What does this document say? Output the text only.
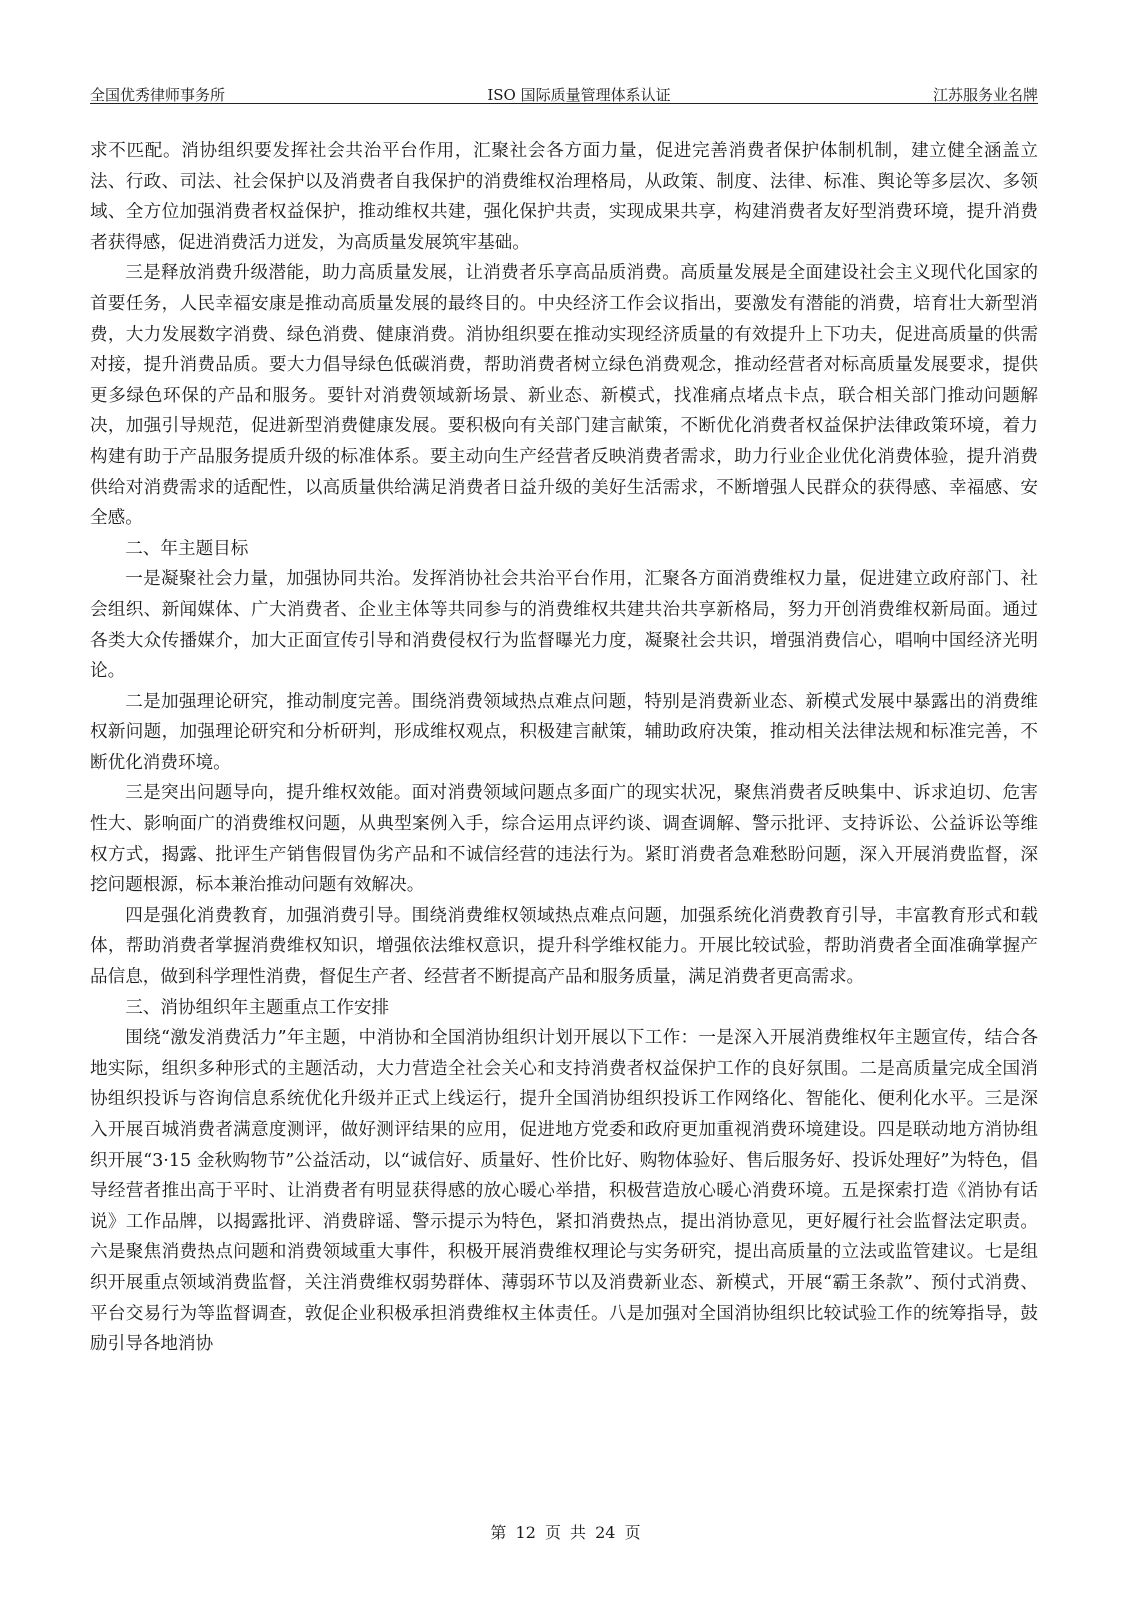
全国优秀律师事务所	ISO 国际质量管理体系认证	江苏服务业名牌

求不匹配。消协组织要发挥社会共治平台作用，汇聚社会各方面力量，促进完善消费者保护体制机制，建立健全涵盖立法、行政、司法、社会保护以及消费者自我保护的消费维权治理格局，从政策、制度、法律、标准、舆论等多层次、多领域、全方位加强消费者权益保护，推动维权共建，强化保护共责，实现成果共享，构建消费者友好型消费环境，提升消费者获得感，促进消费活力迸发，为高质量发展筑牢基础。

三是释放消费升级潜能，助力高质量发展，让消费者乐享高品质消费。高质量发展是全面建设社会主义现代化国家的首要任务，人民幸福安康是推动高质量发展的最终目的。中央经济工作会议指出，要激发有潜能的消费，培育壮大新型消费，大力发展数字消费、绿色消费、健康消费。消协组织要在推动实现经济质量的有效提升上下功夫，促进高质量的供需对接，提升消费品质。要大力倡导绿色低碳消费，帮助消费者树立绿色消费观念，推动经营者对标高质量发展要求，提供更多绿色环保的产品和服务。要针对消费领域新场景、新业态、新模式，找准痛点堵点卡点，联合相关部门推动问题解决，加强引导规范，促进新型消费健康发展。要积极向有关部门建言献策，不断优化消费者权益保护法律政策环境，着力构建有助于产品服务提质升级的标准体系。要主动向生产经营者反映消费者需求，助力行业企业优化消费体验，提升消费供给对消费需求的适配性，以高质量供给满足消费者日益升级的美好生活需求，不断增强人民群众的获得感、幸福感、安全感。

二、年主题目标

一是凝聚社会力量，加强协同共治。发挥消协社会共治平台作用，汇聚各方面消费维权力量，促进建立政府部门、社会组织、新闻媒体、广大消费者、企业主体等共同参与的消费维权共建共治共享新格局，努力开创消费维权新局面。通过各类大众传播媒介，加大正面宣传引导和消费侵权行为监督曝光力度，凝聚社会共识，增强消费信心，唱响中国经济光明论。

二是加强理论研究，推动制度完善。围绕消费领域热点难点问题，特别是消费新业态、新模式发展中暴露出的消费维权新问题，加强理论研究和分析研判，形成维权观点，积极建言献策，辅助政府决策，推动相关法律法规和标准完善，不断优化消费环境。

三是突出问题导向，提升维权效能。面对消费领域问题点多面广的现实状况，聚焦消费者反映集中、诉求迫切、危害性大、影响面广的消费维权问题，从典型案例入手，综合运用点评约谈、调查调解、警示批评、支持诉讼、公益诉讼等维权方式，揭露、批评生产销售假冒伪劣产品和不诚信经营的违法行为。紧盯消费者急难愁盼问题，深入开展消费监督，深挖问题根源，标本兼治推动问题有效解决。

四是强化消费教育，加强消费引导。围绕消费维权领域热点难点问题，加强系统化消费教育引导，丰富教育形式和载体，帮助消费者掌握消费维权知识，增强依法维权意识，提升科学维权能力。开展比较试验，帮助消费者全面准确掌握产品信息，做到科学理性消费，督促生产者、经营者不断提高产品和服务质量，满足消费者更高需求。

三、消协组织年主题重点工作安排

围绕“激发消费活力”年主题，中消协和全国消协组织计划开展以下工作：一是深入开展消费维权年主题宣传，结合各地实际，组织多种形式的主题活动，大力营造全社会关心和支持消费者权益保护工作的良好氛围。二是高质量完成全国消协组织投诉与咨询信息系统优化升级并正式上线运行，提升全国消协组织投诉工作网络化、智能化、便利化水平。三是深入开展百城消费者满意度测评，做好测评结果的应用，促进地方党委和政府更加重视消费环境建设。四是联动地方消协组织开展“3·15 金秋购物节”公益活动，以“诚信好、质量好、性价比好、购物体验好、售后服务好、投诉处理好”为特色，倡导经营者推出高于平时、让消费者有明显获得感的放心暖心举措，积极营造放心暖心消费环境。五是探索打造《消协有话说》工作品牌，以揭露批评、消费辟谣、警示提示为特色，紧扣消费热点，提出消协意见，更好履行社会监督法定职责。六是聚焦消费热点问题和消费领域重大事件，积极开展消费维权理论与实务研究，提出高质量的立法或监管建议。七是组织开展重点领域消费监督，关注消费维权弱势群体、薄弱环节以及消费新业态、新模式，开展“霸王条款”、预付式消费、平台交易行为等监督调查，敦促企业积极承担消费维权主体责任。八是加强对全国消协组织比较试验工作的统筹指导，鼓励引导各地消协

第 12 页 共 24 页
